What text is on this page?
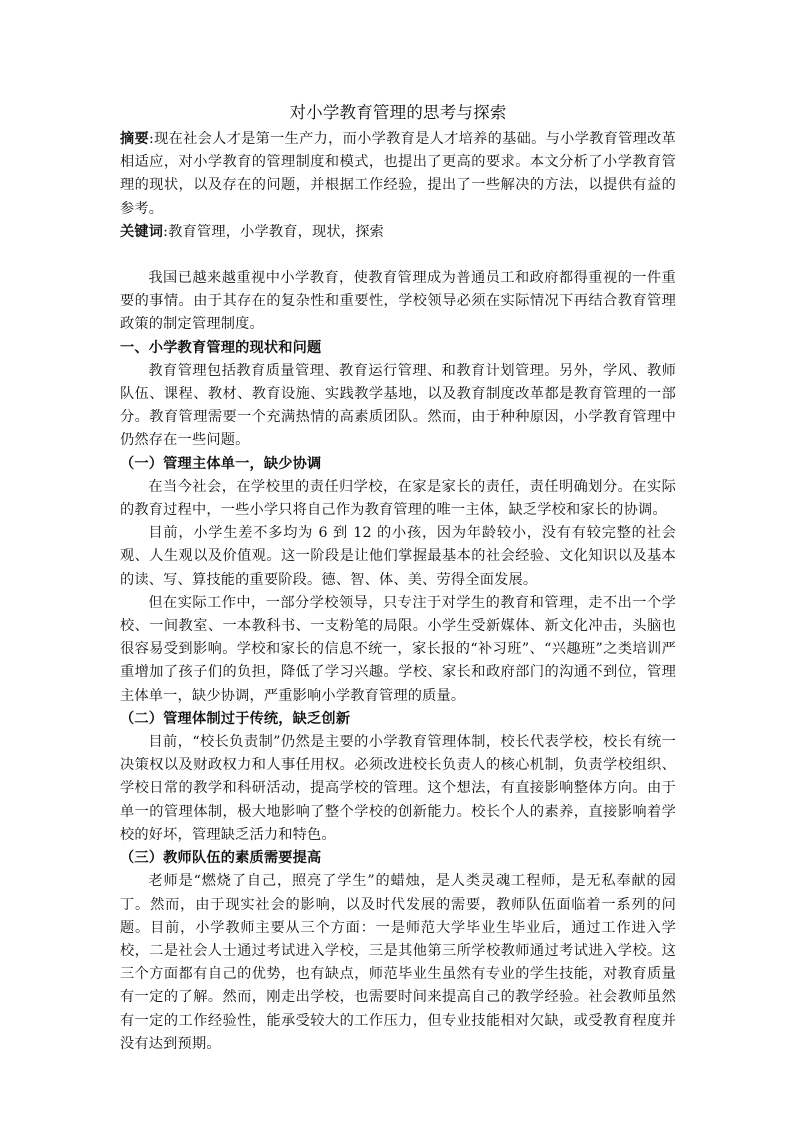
对小学教育管理的思考与探索

摘要:现在社会人才是第一生产力，而小学教育是人才培养的基础。与小学教育管理改革相适应，对小学教育的管理制度和模式，也提出了更高的要求。本文分析了小学教育管理的现状，以及存在的问题，并根据工作经验，提出了一些解决的方法，以提供有益的参考。

关键词:教育管理，小学教育，现状，探索

我国已越来越重视中小学教育，使教育管理成为普通员工和政府都得重视的一件重要的事情。由于其存在的复杂性和重要性，学校领导必须在实际情况下再结合教育管理政策的制定管理制度。

一、小学教育管理的现状和问题

教育管理包括教育质量管理、教育运行管理、和教育计划管理。另外，学风、教师队伍、课程、教材、教育设施、实践教学基地，以及教育制度改革都是教育管理的一部分。教育管理需要一个充满热情的高素质团队。然而，由于种种原因，小学教育管理中仍然存在一些问题。

（一）管理主体单一，缺少协调

在当今社会，在学校里的责任归学校，在家是家长的责任，责任明确划分。在实际的教育过程中，一些小学只将自己作为教育管理的唯一主体，缺乏学校和家长的协调。

目前，小学生差不多均为 6 到 12 的小孩，因为年龄较小，没有有较完整的社会观、人生观以及价值观。这一阶段是让他们掌握最基本的社会经验、文化知识以及基本的读、写、算技能的重要阶段。德、智、体、美、劳得全面发展。

但在实际工作中，一部分学校领导，只专注于对学生的教育和管理，走不出一个学校、一间教室、一本教科书、一支粉笔的局限。小学生受新媒体、新文化冲击，头脑也很容易受到影响。学校和家长的信息不统一，家长报的“补习班”、“兴趣班”之类培训严重增加了孩子们的负担，降低了学习兴趣。学校、家长和政府部门的沟通不到位，管理主体单一，缺少协调，严重影响小学教育管理的质量。

（二）管理体制过于传统，缺乏创新

目前，“校长负责制”仍然是主要的小学教育管理体制，校长代表学校，校长有统一决策权以及财政权力和人事任用权。必须改进校长负责人的核心机制，负责学校组织、学校日常的教学和科研活动，提高学校的管理。这个想法，有直接影响整体方向。由于单一的管理体制，极大地影响了整个学校的创新能力。校长个人的素养，直接影响着学校的好坏，管理缺乏活力和特色。

（三）教师队伍的素质需要提高

老师是“燃烧了自己，照亮了学生”的蜡烛，是人类灵魂工程师，是无私奉献的园丁。然而，由于现实社会的影响，以及时代发展的需要，教师队伍面临着一系列的问题。目前，小学教师主要从三个方面：一是师范大学毕业生毕业后，通过工作进入学校，二是社会人士通过考试进入学校，三是其他第三所学校教师通过考试进入学校。这三个方面都有自己的优势，也有缺点，师范毕业生虽然有专业的学生技能，对教育质量有一定的了解。然而，刚走出学校，也需要时间来提高自己的教学经验。社会教师虽然有一定的工作经验性，能承受较大的工作压力，但专业技能相对欠缺，或受教育程度并没有达到预期。
